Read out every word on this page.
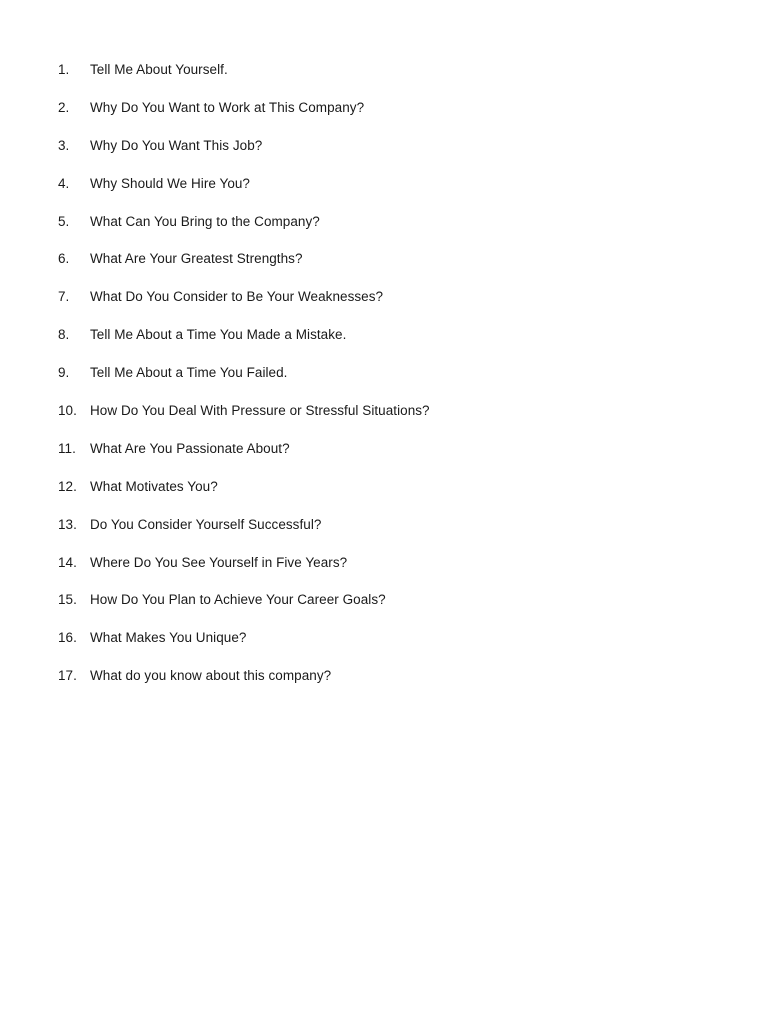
1.	Tell Me About Yourself.
2.	Why Do You Want to Work at This Company?
3.	Why Do You Want This Job?
4.	Why Should We Hire You?
5.	What Can You Bring to the Company?
6.	What Are Your Greatest Strengths?
7.	What Do You Consider to Be Your Weaknesses?
8.	Tell Me About a Time You Made a Mistake.
9.	Tell Me About a Time You Failed.
10. How Do You Deal With Pressure or Stressful Situations?
11.	What Are You Passionate About?
12. What Motivates You?
13. Do You Consider Yourself Successful?
14. Where Do You See Yourself in Five Years?
15. How Do You Plan to Achieve Your Career Goals?
16. What Makes You Unique?
17. What do you know about this company?
